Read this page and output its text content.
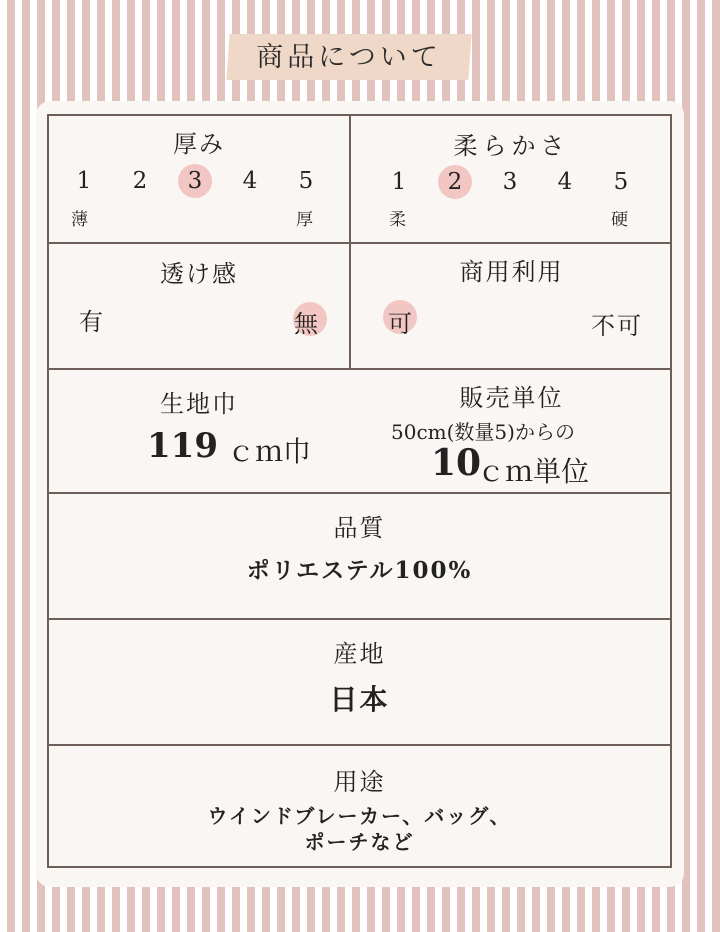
商品について
厚み
1	2	3	4	5
薄	厚
柔らかさ
1	2	3	4	5
柔	硬
透け感
有	無
商用利用
可	不可
生地巾
119 ｃｍ巾
販売単位
50cm(数量5)からの
10
ｃｍ単位
品質
ポリエステル100%
産地
日本
用途
ウインドブレーカー、バッグ、
ポーチなど
